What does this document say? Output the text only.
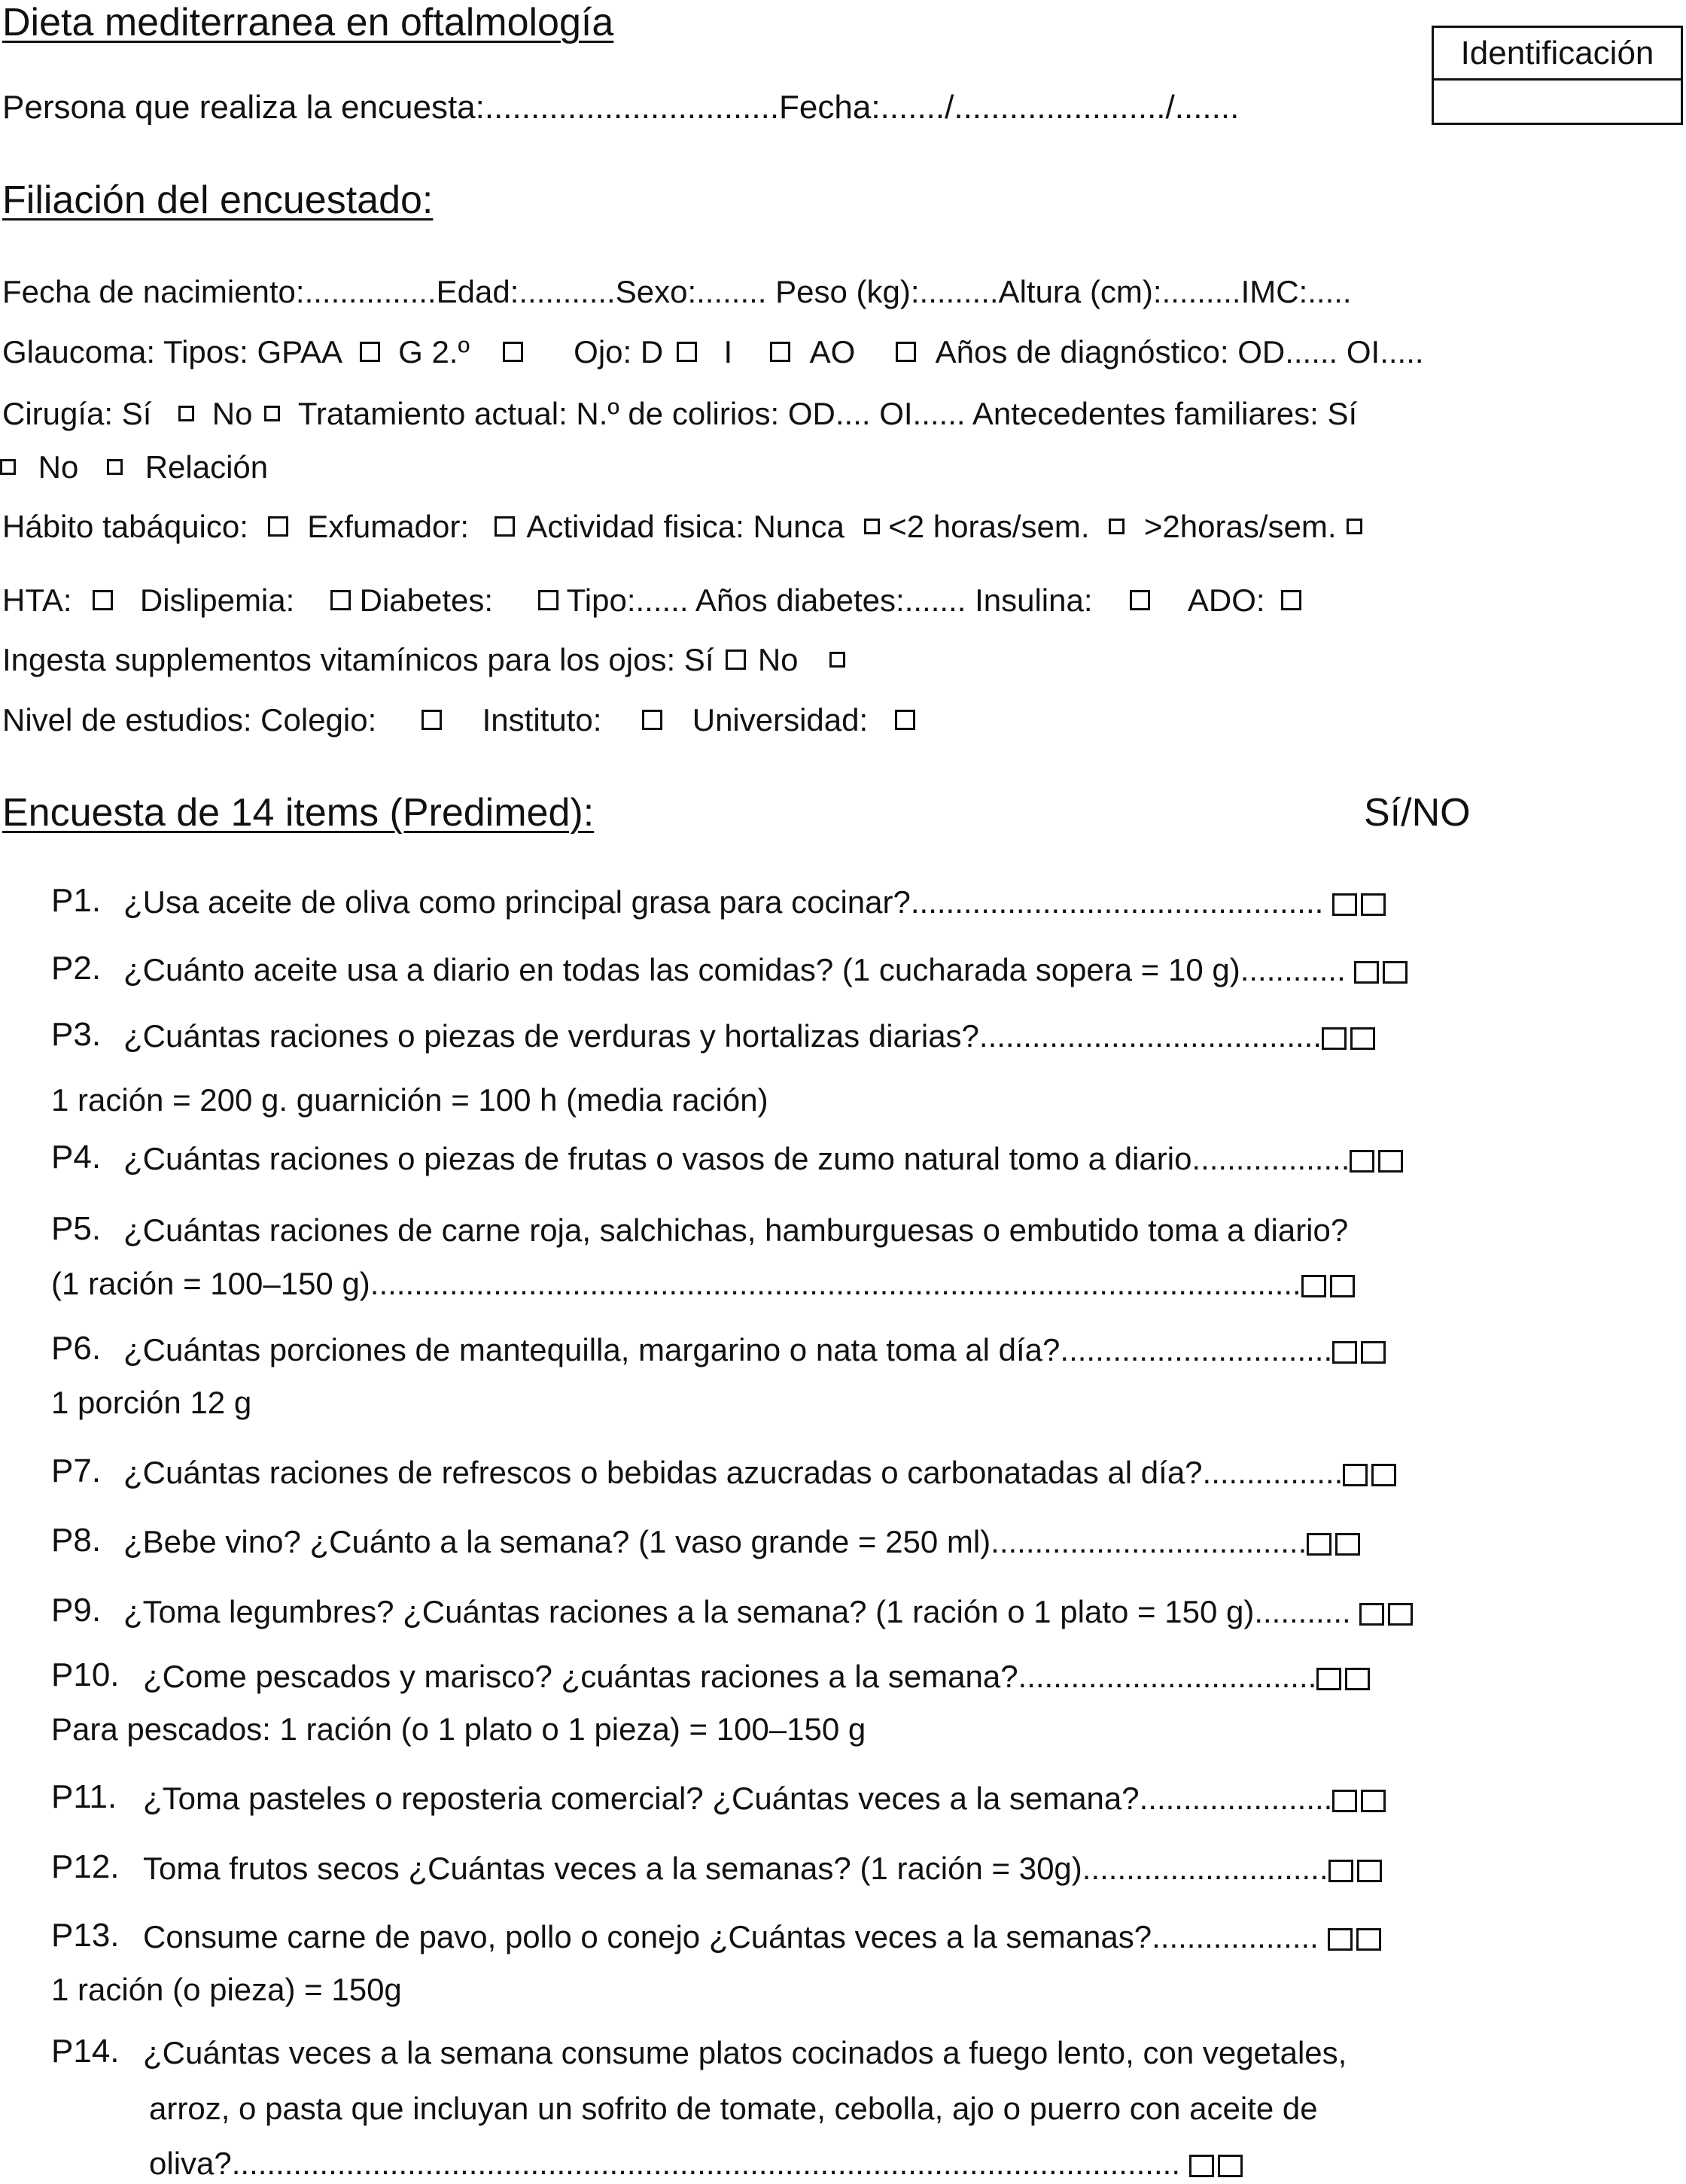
Dieta mediterranea en oftalmología
Persona que realiza la encuesta:................................Fecha:......./......................./.......
Identificación
Filiación del encuestado:
Fecha de nacimiento:...............Edad:...........Sexo:........ Peso (kg):.........Altura (cm):.........IMC:.....
Glaucoma: Tipos: GPAA G 2.º	Ojo: D I AO	Años de diagnóstico: OD...... OI.....
Cirugía: Sí No Tratamiento actual: N.º de colirios: OD.... OI...... Antecedentes familiares: Sí
No Relación
Hábito tabáquico: Exfumador: Actividad fisica: Nunca <2 horas/sem. >2horas/sem.
HTA: Dislipemia: Diabetes: Tipo:...... Años diabetes:....... Insulina:	ADO:
Ingesta supplementos vitamínicos para los ojos: Sí No
Nivel de estudios: Colegio:	Instituto:	Universidad:
Encuesta de 14 items (Predimed):	Sí/NO
P1. ¿Usa aceite de oliva como principal grasa para cocinar?...............................................
P2. ¿Cuánto aceite usa a diario en todas las comidas? (1 cucharada sopera = 10 g)............
P3. ¿Cuántas raciones o piezas de verduras y hortalizas diarias?.......................................
1 ración = 200 g. guarnición = 100 h (media ración)
P4. ¿Cuántas raciones o piezas de frutas o vasos de zumo natural tomo a diario..................
P5. ¿Cuántas raciones de carne roja, salchichas, hamburguesas o embutido toma a diario?
(1 ración = 100–150 g)..........................................................................................................
P6. ¿Cuántas porciones de mantequilla, margarino o nata toma al día?...............................
1 porción 12 g
P7. ¿Cuántas raciones de refrescos o bebidas azucradas o carbonatadas al día?................
P8. ¿Bebe vino? ¿Cuánto a la semana? (1 vaso grande = 250 ml)....................................
P9. ¿Toma legumbres? ¿Cuántas raciones a la semana? (1 ración o 1 plato = 150 g)...........
P10. ¿Come pescados y marisco? ¿cuántas raciones a la semana?..................................
Para pescados: 1 ración (o 1 plato o 1 pieza) = 100–150 g
P11. ¿Toma pasteles o reposteria comercial? ¿Cuántas veces a la semana?......................
P12. Toma frutos secos ¿Cuántas veces a la semanas? (1 ración = 30g)............................
P13. Consume carne de pavo, pollo o conejo ¿Cuántas veces a la semanas?...................
1 ración (o pieza) = 150g
P14. ¿Cuántas veces a la semana consume platos cocinados a fuego lento, con vegetales,
arroz, o pasta que incluyan un sofrito de tomate, cebolla, ajo o puerro con aceite de
oliva?............................................................................................................
